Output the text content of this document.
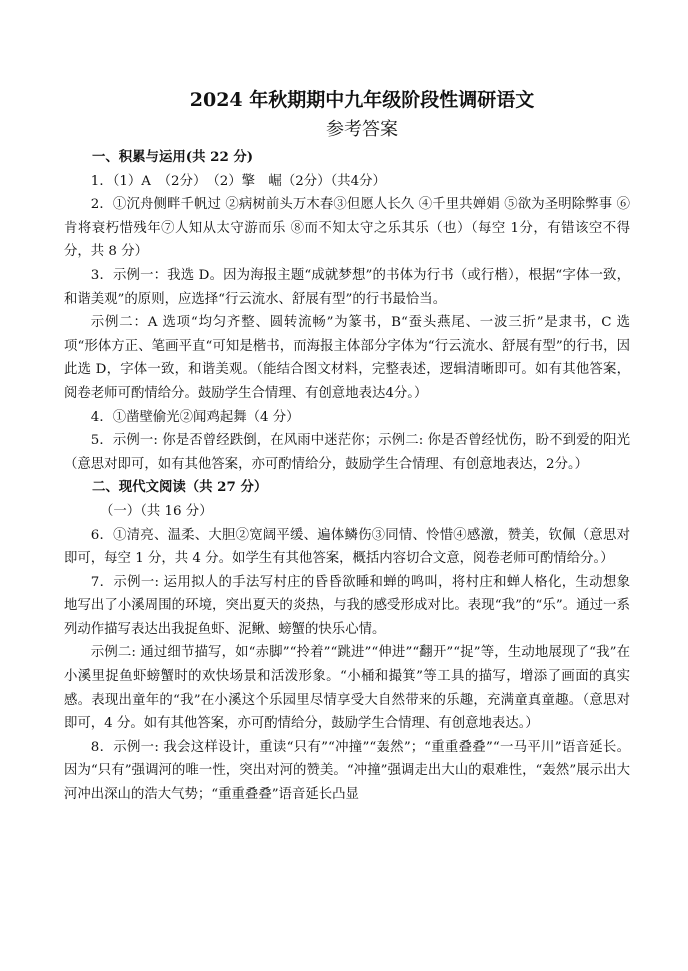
2024 年秋期期中九年级阶段性调研语文
参考答案

一、积累与运用(共 22 分)

1．（1）A　（2分）　（2）擎　崛（2分）（共4分）

2．①沉舟侧畔千帆过 ②病树前头万木春③但愿人长久 ④千里共婵娟 ⑤欲为圣明除弊事 ⑥肯将衰朽惜残年⑦人知从太守游而乐 ⑧而不知太守之乐其乐（也）（每空 1分，有错该空不得分，共 8 分）

3．示例一：我选 D。因为海报主题“成就梦想”的书体为行书（或行楷），根据“字体一致，和谐美观”的原则，应选择“行云流水、舒展有型”的行书最恰当。

示例二：A 选项“均匀齐整、圆转流畅”为篆书，B“蚕头燕尾、一波三折”是隶书，C 选项“形体方正、笔画平直“可知是楷书，而海报主体部分字体为“行云流水、舒展有型”的行书，因此选 D，字体一致，和谐美观。（能结合图文材料，完整表述，逻辑清晰即可。如有其他答案，阅卷老师可酌情给分。鼓励学生合情理、有创意地表达4分。）

4．①凿壁偷光②闻鸡起舞（4 分）

5．示例一: 你是否曾经跌倒，在风雨中迷茫你；示例二: 你是否曾经忧伤，盼不到爱的阳光（意思对即可，如有其他答案，亦可酌情给分，鼓励学生合情理、有创意地表达，2分。）

二、现代文阅读（共 27 分）

（一）（共 16 分）

6．①清亮、温柔、大胆②宽阔平缓、遍体鳞伤③同情、怜惜④感激，赞美，钦佩（意思对即可，每空 1 分，共 4 分。如学生有其他答案，概括内容切合文意，阅卷老师可酌情给分。）

7．示例一: 运用拟人的手法写村庄的昏昏欲睡和蝉的鸣叫，将村庄和蝉人格化，生动想象地写出了小溪周围的环境，突出夏天的炎热，与我的感受形成对比。表现“我”的“乐”。通过一系列动作描写表达出我捉鱼虾、泥鳅、螃蟹的快乐心情。

示例二: 通过细节描写，如“赤脚”“拎着”“跳进”“伸进”“翻开”“捉”等，生动地展现了“我”在小溪里捉鱼虾螃蟹时的欢快场景和活泼形象。“小桶和撮箕”等工具的描写，增添了画面的真实感。表现出童年的“我”在小溪这个乐园里尽情享受大自然带来的乐趣，充满童真童趣。（意思对即可，4 分。如有其他答案，亦可酌情给分，鼓励学生合情理、有创意地表达。）

8．示例一: 我会这样设计，重读“只有”“冲撞”“轰然”；“重重叠叠”“一马平川”语音延长。因为“只有”强调河的唯一性，突出对河的赞美。“冲撞”强调走出大山的艰难性，“轰然”展示出大河冲出深山的浩大气势；“重重叠叠”语音延长凸显
